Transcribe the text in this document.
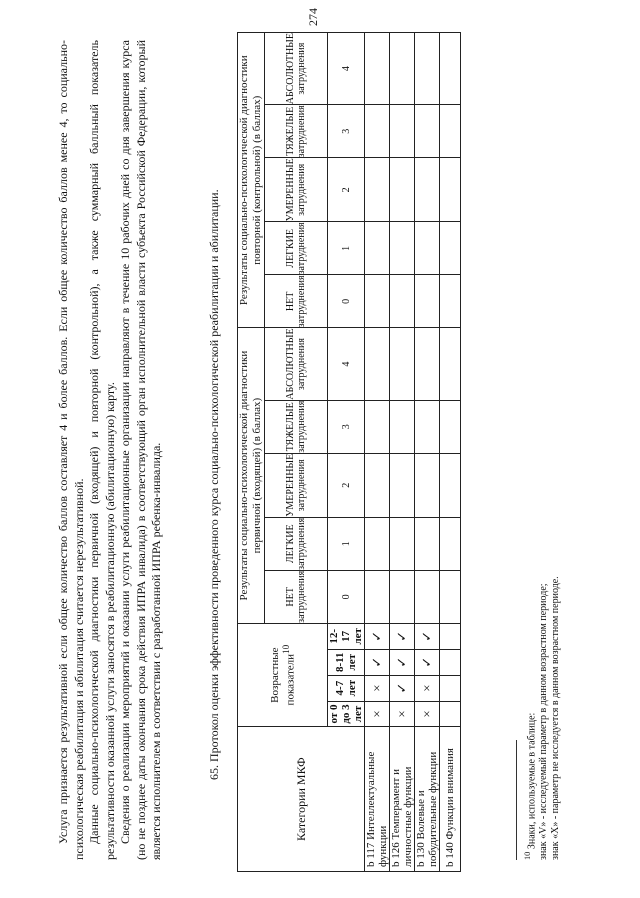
274

Услуга признается результативной если общее количество баллов составляет 4 и более баллов. Если общее количество баллов менее 4, то социально-психологическая реабилитация и абилитация считается нерезультативной. Данные социально-психологической диагностики первичной (входящей) и повторной (контрольной), а также суммарный балльный показатель результативности оказанной услуги заносятся в реабилитационную (абилитационную) карту. Сведения о реализации мероприятий и оказании услуги реабилитационные организации направляют в течение 10 рабочих дней со дня завершения курса (но не позднее даты окончания срока действия ИПРА инвалида) в соответствующий орган исполнительной власти субъекта Российской Федерации, который является исполнителем в соответствии с разработанной ИПРА ребенка-инвалида.	65. Протокол оценки эффективности проведенного курса социально-психологической реабилитации и абилитации.
Категории МКФ	Возрастные показатели$^{10}$				Результаты социально-психологической диагностики первичной (входящей) (в баллах)					Результаты социально-психологической диагностики повторной (контрольной) (в баллах)				
					НЕТ затруднения	ЛЕГКИЕ затруднения	УМЕРЕННЫЕ затруднения	ТЯЖЕЛЫЕ затруднения	АБСОЛЮТНЫЕ затруднения	НЕТ затруднения	ЛЕГКИЕ затруднения	УМЕРЕННЫЕ затруднения	ТЯЖЕЛЫЕ затруднения	АБСОЛЮТНЫЕ затруднения
	от 0 до 3 лет	4-7 лет	8-11 лет	12-17 лет	0	1	2	3	4	0	1	2	3	4
b 117 Интеллектуальные функции	×	×	✓	✓										
b 126 Темперамент и личностные функции	×	✓	✓	✓										
b 130 Волевые и побудительные функции	×	×	✓	✓										
b 140 Функции внимания															$^{10}$ Знаки, используемые в таблице: знак «V» - исследуемый параметр в данном возрастном периоде; знак «X» - параметр не исследуется в данном возрастном периоде.
